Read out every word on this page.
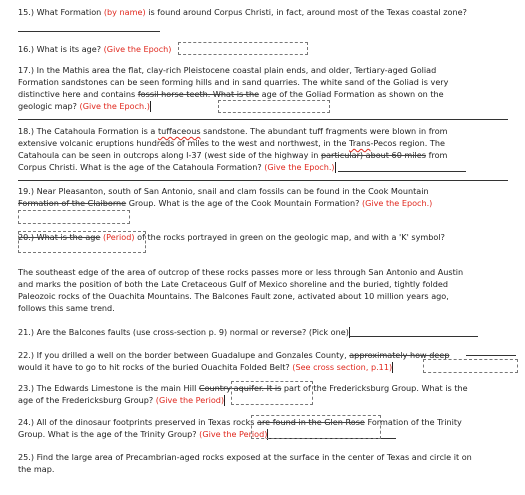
15.) What Formation (by name) is found around Corpus Christi, in fact, around most of the Texas coastal zone?
16.) What is its age? (Give the Epoch)
17.) In the Mathis area the flat, clay-rich Pleistocene coastal plain ends, and older, Tertiary-aged Goliad
Formation sandstones can be seen forming hills and in sand quarries. The white sand of the Goliad is very
distinctive here and contains fossil horse teeth. What is the age of the Goliad Formation as shown on the
geologic map? (Give the Epoch.)
18.) The Catahoula Formation is a tuffaceous sandstone. The abundant tuff fragments were blown in from
extensive volcanic eruptions hundreds of miles to the west and northwest, in the Trans-Pecos region. The
Catahoula can be seen in outcrops along I-37 (west side of the highway in particular) about 60 miles from
Corpus Christi. What is the age of the Catahoula Formation? (Give the Epoch.)
19.) Near Pleasanton, south of San Antonio, snail and clam fossils can be found in the Cook Mountain
Formation of the Claiborne Group. What is the age of the Cook Mountain Formation? (Give the Epoch.)
20.) What is the age (Period) of the rocks portrayed in green on the geologic map, and with a 'K' symbol?
The southeast edge of the area of outcrop of these rocks passes more or less through San Antonio and Austin
and marks the position of both the Late Cretaceous Gulf of Mexico shoreline and the buried, tightly folded
Paleozoic rocks of the Ouachita Mountains. The Balcones Fault zone, activated about 10 million years ago,
follows this same trend.
21.) Are the Balcones faults (use cross-section p. 9) normal or reverse? (Pick one)
22.) If you drilled a well on the border between Guadalupe and Gonzales County, approximately how deep
would it have to go to hit rocks of the buried Ouachita Folded Belt? (See cross section, p.11)
23.) The Edwards Limestone is the main Hill Country aquifer. It is part of the Fredericksburg Group. What is the
age of the Fredericksburg Group? (Give the Period)
24.) All of the dinosaur footprints preserved in Texas rocks are found in the Glen Rose Formation of the Trinity
Group. What is the age of the Trinity Group? (Give the Period)
25.) Find the large area of Precambrian-aged rocks exposed at the surface in the center of Texas and circle it on
the map.
